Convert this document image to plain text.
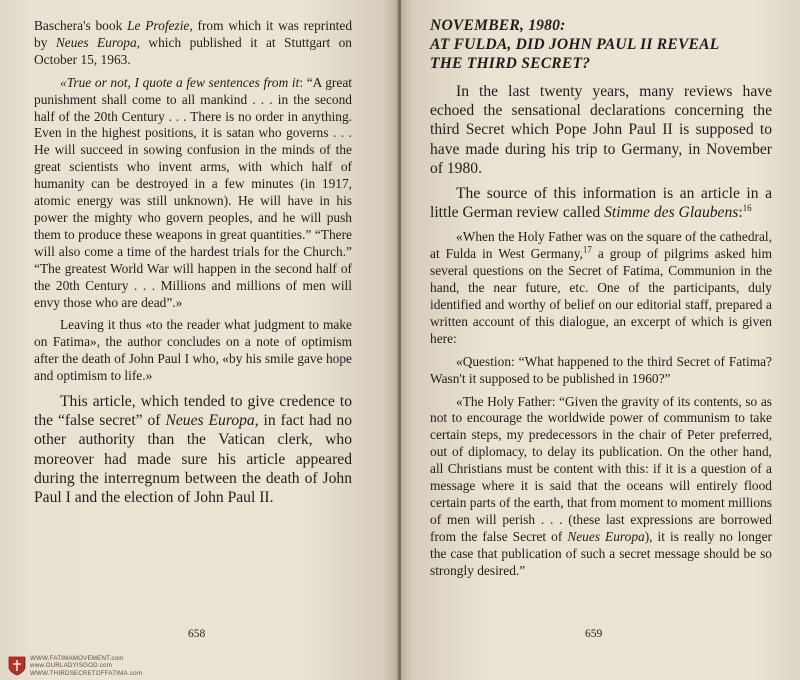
Baschera's book Le Profezie, from which it was reprinted by Neues Europa, which published it at Stuttgart on October 15, 1963.

«True or not, I quote a few sentences from it: “A great punishment shall come to all mankind . . . in the second half of the 20th Century . . . There is no order in anything. Even in the highest positions, it is satan who governs . . . He will succeed in sowing confusion in the minds of the great scientists who invent arms, with which half of humanity can be destroyed in a few minutes (in 1917, atomic energy was still unknown). He will have in his power the mighty who govern peoples, and he will push them to produce these weapons in great quantities.” “There will also come a time of the hardest trials for the Church.” “The greatest World War will happen in the second half of the 20th Century . . . Millions and millions of men will envy those who are dead”.»

Leaving it thus «to the reader what judgment to make on Fatima», the author concludes on a note of optimism after the death of John Paul I who, «by his smile gave hope and optimism to life.»

This article, which tended to give credence to the “false secret” of Neues Europa, in fact had no other authority than the Vatican clerk, who moreover had made sure his article appeared during the interregnum between the death of John Paul I and the election of John Paul II.

658
WWW.FATIMAMOVEMENT.com
www.OURLADYISGOD.com
WWW.THIRDSECRETOFFATIMA.com
NOVEMBER, 1980:
AT FULDA, DID JOHN PAUL II REVEAL
THE THIRD SECRET?

In the last twenty years, many reviews have echoed the sensational declarations concerning the third Secret which Pope John Paul II is supposed to have made during his trip to Germany, in November of 1980.

The source of this information is an article in a little German review called Stimme des Glaubens:$^{16}$

«When the Holy Father was on the square of the cathedral, at Fulda in West Germany,$^{17}$ a group of pilgrims asked him several questions on the Secret of Fatima, Communion in the hand, the near future, etc. One of the participants, duly identified and worthy of belief on our editorial staff, prepared a written account of this dialogue, an excerpt of which is given here:

«Question: “What happened to the third Secret of Fatima? Wasn't it supposed to be published in 1960?”

«The Holy Father: “Given the gravity of its contents, so as not to encourage the worldwide power of communism to take certain steps, my predecessors in the chair of Peter preferred, out of diplomacy, to delay its publication. On the other hand, all Christians must be content with this: if it is a question of a message where it is said that the oceans will entirely flood certain parts of the earth, that from moment to moment millions of men will perish . . . (these last expressions are borrowed from the false Secret of Neues Europa), it is really no longer the case that publication of such a secret message should be so strongly desired.”

659
